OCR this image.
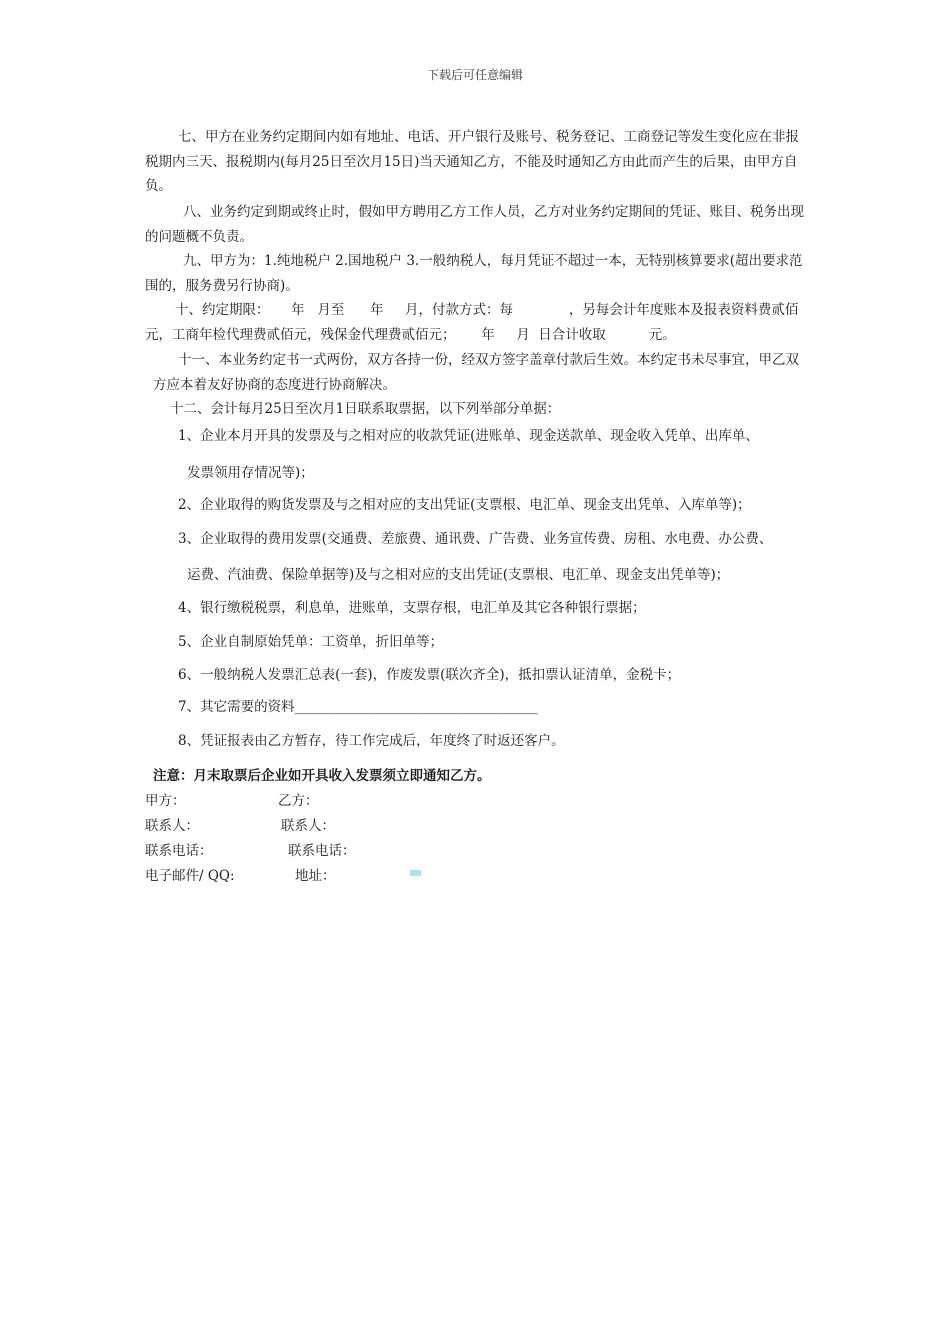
下载后可任意编辑

七、甲方在业务约定期间内如有地址、电话、开户银行及账号、税务登记、工商登记等发生变化应在非报税期内三天、报税期内(每月25日至次月15日)当天通知乙方，不能及时通知乙方由此而产生的后果，由甲方自负。

八、业务约定到期或终止时，假如甲方聘用乙方工作人员，乙方对业务约定期间的凭证、账目、税务出现的问题概不负责。

九、甲方为：1.纯地税户 2.国地税户 3.一般纳税人，每月凭证不超过一本，无特别核算要求(超出要求范围的，服务费另行协商)。

十、约定期限：     年   月至      年     月，付款方式：每             ，另每会计年度账本及报表资料费贰佰元，工商年检代理费贰佰元，残保金代理费贰佰元；      年     月  日合计收取          元。

十一、本业务约定书一式两份，双方各持一份，经双方签字盖章付款后生效。本约定书未尽事宜，甲乙双方应本着友好协商的态度进行协商解决。

十二、会计每月25日至次月1日联系取票据，以下列举部分单据：

1、企业本月开具的发票及与之相对应的收款凭证(进账单、现金送款单、现金收入凭单、出库单、

发票领用存情况等)；

2、企业取得的购货发票及与之相对应的支出凭证(支票根、电汇单、现金支出凭单、入库单等)；

3、企业取得的费用发票(交通费、差旅费、通讯费、广告费、业务宣传费、房租、水电费、办公费、

运费、汽油费、保险单据等)及与之相对应的支出凭证(支票根、电汇单、现金支出凭单等)；

4、银行缴税税票，利息单，进账单，支票存根，电汇单及其它各种银行票据；

5、企业自制原始凭单：工资单，折旧单等；

6、一般纳税人发票汇总表(一套)，作废发票(联次齐全)，抵扣票认证清单，金税卡；

7、其它需要的资料____________________________________

8、凭证报表由乙方暂存，待工作完成后，年度终了时返还客户。

注意：月末取票后企业如开具收入发票须立即通知乙方。
甲方：	乙方：
联系人：	联系人：
联系电话：	联系电话：
电子邮件/ QQ:	地址：
